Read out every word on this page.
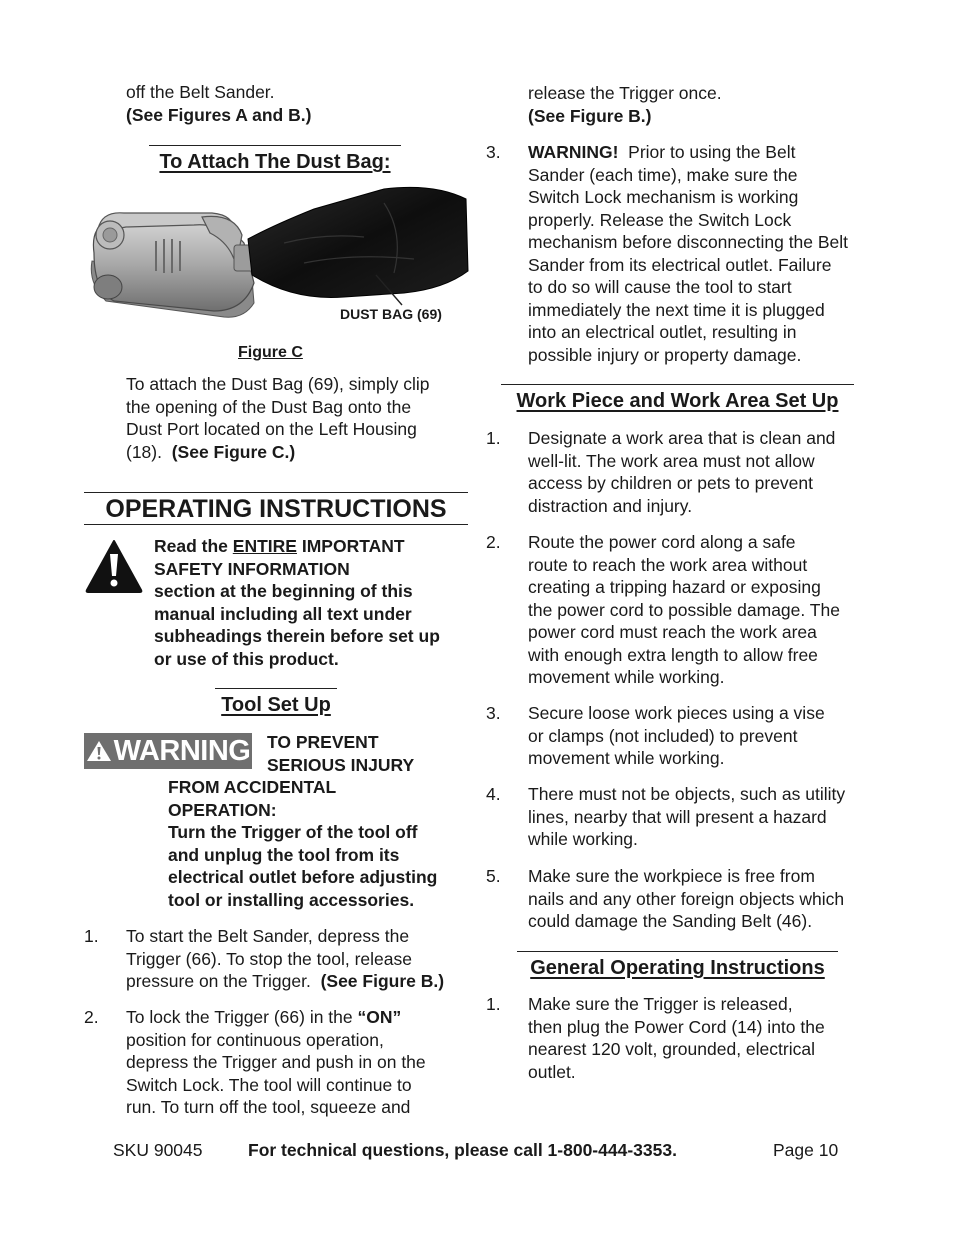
off the Belt Sander.
(See Figures A and B.)
To Attach The Dust Bag:
DUST BAG (69)
Figure C
To attach the Dust Bag (69), simply clip
the opening of the Dust Bag onto the
Dust Port located on the Left Housing
(18). (See Figure C.)
OPERATING INSTRUCTIONS
Read the ENTIRE IMPORTANT
SAFETY INFORMATION
section at the beginning of this
manual including all text under
subheadings therein before set up
or use of this product.
Tool Set Up
WARNING TO PREVENT
SERIOUS INJURY
FROM ACCIDENTAL
OPERATION:
Turn the Trigger of the tool off
and unplug the tool from its
electrical outlet before adjusting
tool or installing accessories.
1. To start the Belt Sander, depress the
Trigger (66). To stop the tool, release
pressure on the Trigger. (See Figure B.)
2. To lock the Trigger (66) in the “ON”
position for continuous operation,
depress the Trigger and push in on the
Switch Lock. The tool will continue to
run. To turn off the tool, squeeze and
release the Trigger once.
(See Figure B.)
3. WARNING! Prior to using the Belt
Sander (each time), make sure the
Switch Lock mechanism is working
properly. Release the Switch Lock
mechanism before disconnecting the Belt
Sander from its electrical outlet. Failure
to do so will cause the tool to start
immediately the next time it is plugged
into an electrical outlet, resulting in
possible injury or property damage.
Work Piece and Work Area Set Up
1. Designate a work area that is clean and
well-lit. The work area must not allow
access by children or pets to prevent
distraction and injury.
2. Route the power cord along a safe
route to reach the work area without
creating a tripping hazard or exposing
the power cord to possible damage. The
power cord must reach the work area
with enough extra length to allow free
movement while working.
3. Secure loose work pieces using a vise
or clamps (not included) to prevent
movement while working.
4. There must not be objects, such as utility
lines, nearby that will present a hazard
while working.
5. Make sure the workpiece is free from
nails and any other foreign objects which
could damage the Sanding Belt (46).
General Operating Instructions
1. Make sure the Trigger is released,
then plug the Power Cord (14) into the
nearest 120 volt, grounded, electrical
outlet.
SKU 90045	For technical questions, please call 1-800-444-3353.	Page 10
